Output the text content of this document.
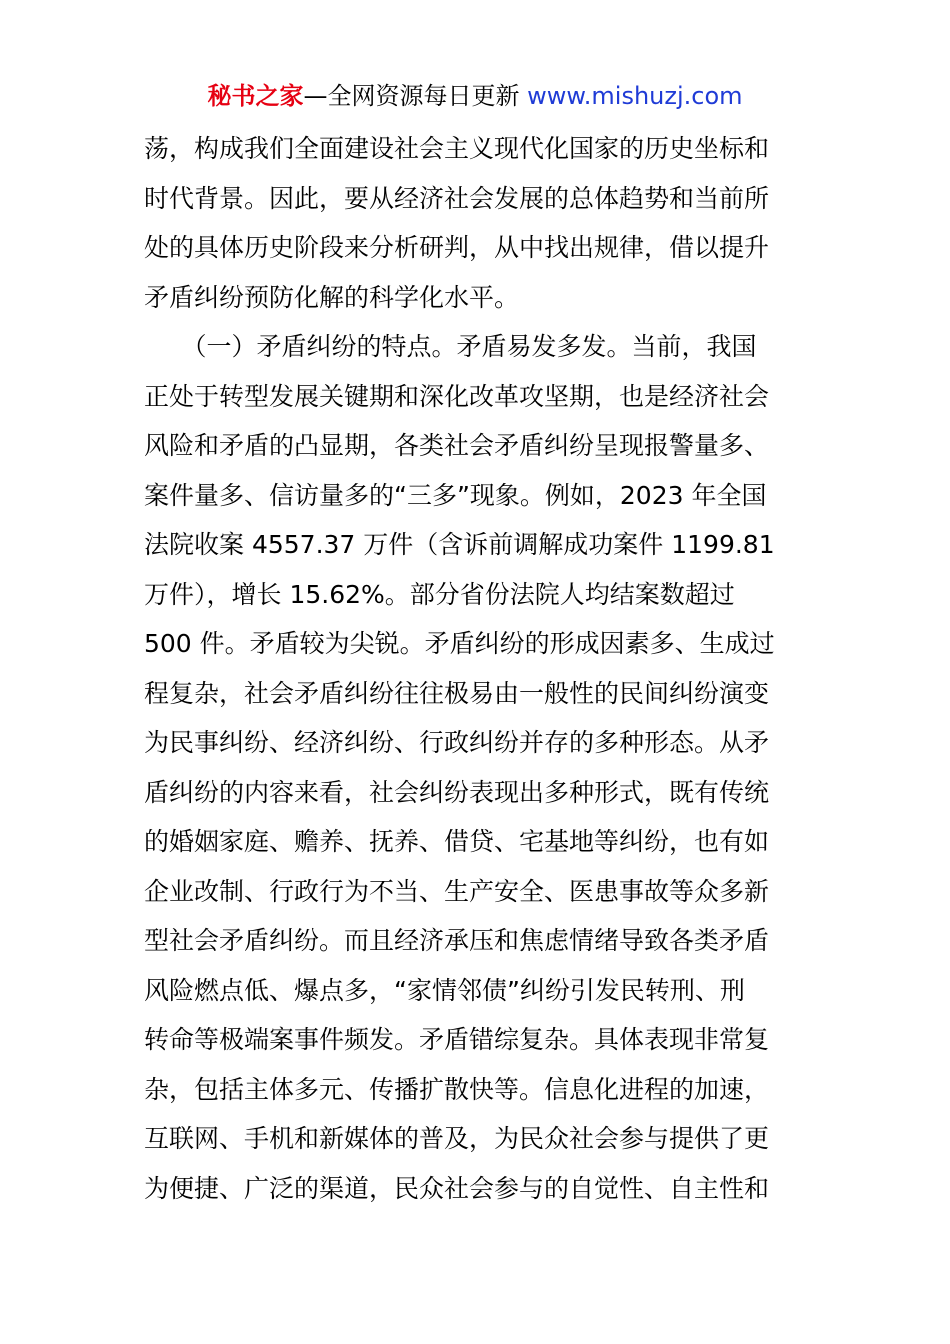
秘书之家—全网资源每日更新 www.mishuzj.com
荡，构成我们全面建设社会主义现代化国家的历史坐标和
时代背景。因此，要从经济社会发展的总体趋势和当前所
处的具体历史阶段来分析研判，从中找出规律，借以提升
矛盾纠纷预防化解的科学化水平。
　　（一）矛盾纠纷的特点。矛盾易发多发。当前，我国
正处于转型发展关键期和深化改革攻坚期，也是经济社会
风险和矛盾的凸显期，各类社会矛盾纠纷呈现报警量多、
案件量多、信访量多的“三多”现象。例如，2023 年全国
法院收案 4557.37 万件（含诉前调解成功案件 1199.81
万件），增长 15.62%。部分省份法院人均结案数超过
500 件。矛盾较为尖锐。矛盾纠纷的形成因素多、生成过
程复杂，社会矛盾纠纷往往极易由一般性的民间纠纷演变
为民事纠纷、经济纠纷、行政纠纷并存的多种形态。从矛
盾纠纷的内容来看，社会纠纷表现出多种形式，既有传统
的婚姻家庭、赡养、抚养、借贷、宅基地等纠纷，也有如
企业改制、行政行为不当、生产安全、医患事故等众多新
型社会矛盾纠纷。而且经济承压和焦虑情绪导致各类矛盾
风险燃点低、爆点多，“家情邻债”纠纷引发民转刑、刑
转命等极端案事件频发。矛盾错综复杂。具体表现非常复
杂，包括主体多元、传播扩散快等。信息化进程的加速，
互联网、手机和新媒体的普及，为民众社会参与提供了更
为便捷、广泛的渠道，民众社会参与的自觉性、自主性和
